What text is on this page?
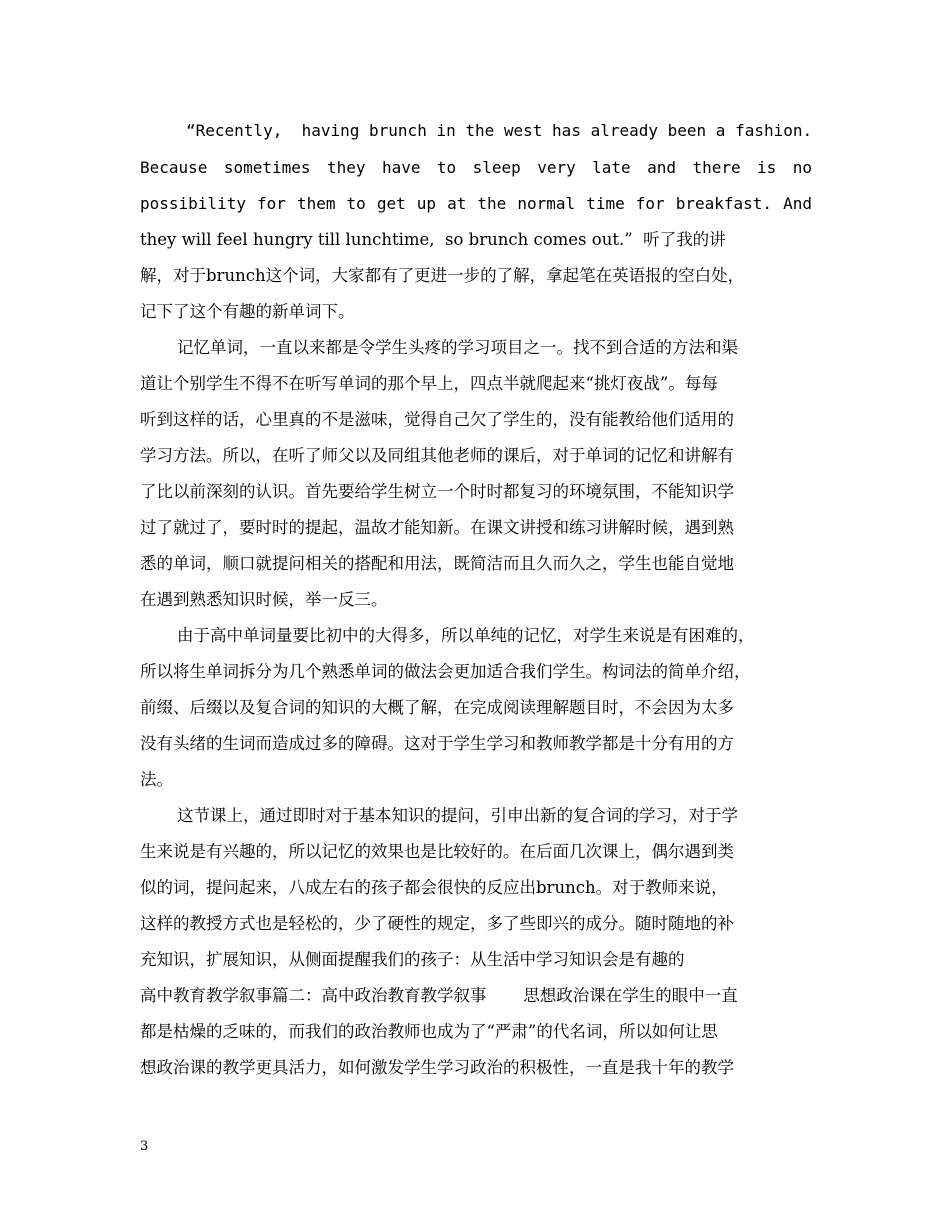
“Recently,  having brunch in the west has already been a fashion.
Because sometimes they have to sleep very late and there is no
possibility for them to get up at the normal time for breakfast. And
they will feel hungry till lunchtime,  so brunch comes out.”  听了我的讲
解，对于brunch这个词，大家都有了更进一步的了解，拿起笔在英语报的空白处，
记下了这个有趣的新单词下。
记忆单词，一直以来都是令学生头疼的学习项目之一。找不到合适的方法和渠
道让个别学生不得不在听写单词的那个早上，四点半就爬起来“挑灯夜战”。每每
听到这样的话，心里真的不是滋味，觉得自己欠了学生的，没有能教给他们适用的
学习方法。所以，在听了师父以及同组其他老师的课后，对于单词的记忆和讲解有
了比以前深刻的认识。首先要给学生树立一个时时都复习的环境氛围，不能知识学
过了就过了，要时时的提起，温故才能知新。在课文讲授和练习讲解时候，遇到熟
悉的单词，顺口就提问相关的搭配和用法，既简洁而且久而久之，学生也能自觉地
在遇到熟悉知识时候，举一反三。
由于高中单词量要比初中的大得多，所以单纯的记忆，对学生来说是有困难的，
所以将生单词拆分为几个熟悉单词的做法会更加适合我们学生。构词法的简单介绍，
前缀、后缀以及复合词的知识的大概了解，在完成阅读理解题目时，不会因为太多
没有头绪的生词而造成过多的障碍。这对于学生学习和教师教学都是十分有用的方
法。
这节课上，通过即时对于基本知识的提问，引申出新的复合词的学习，对于学
生来说是有兴趣的，所以记忆的效果也是比较好的。在后面几次课上，偶尔遇到类
似的词，提问起来，八成左右的孩子都会很快的反应出brunch。对于教师来说，
这样的教授方式也是轻松的，少了硬性的规定，多了些即兴的成分。随时随地的补
充知识，扩展知识，从侧面提醒我们的孩子：从生活中学习知识会是有趣的
高中教育教学叙事篇二：高中政治教育教学叙事       思想政治课在学生的眼中一直
都是枯燥的乏味的，而我们的政治教师也成为了“严肃”的代名词，所以如何让思
想政治课的教学更具活力，如何激发学生学习政治的积极性，一直是我十年的教学
3
